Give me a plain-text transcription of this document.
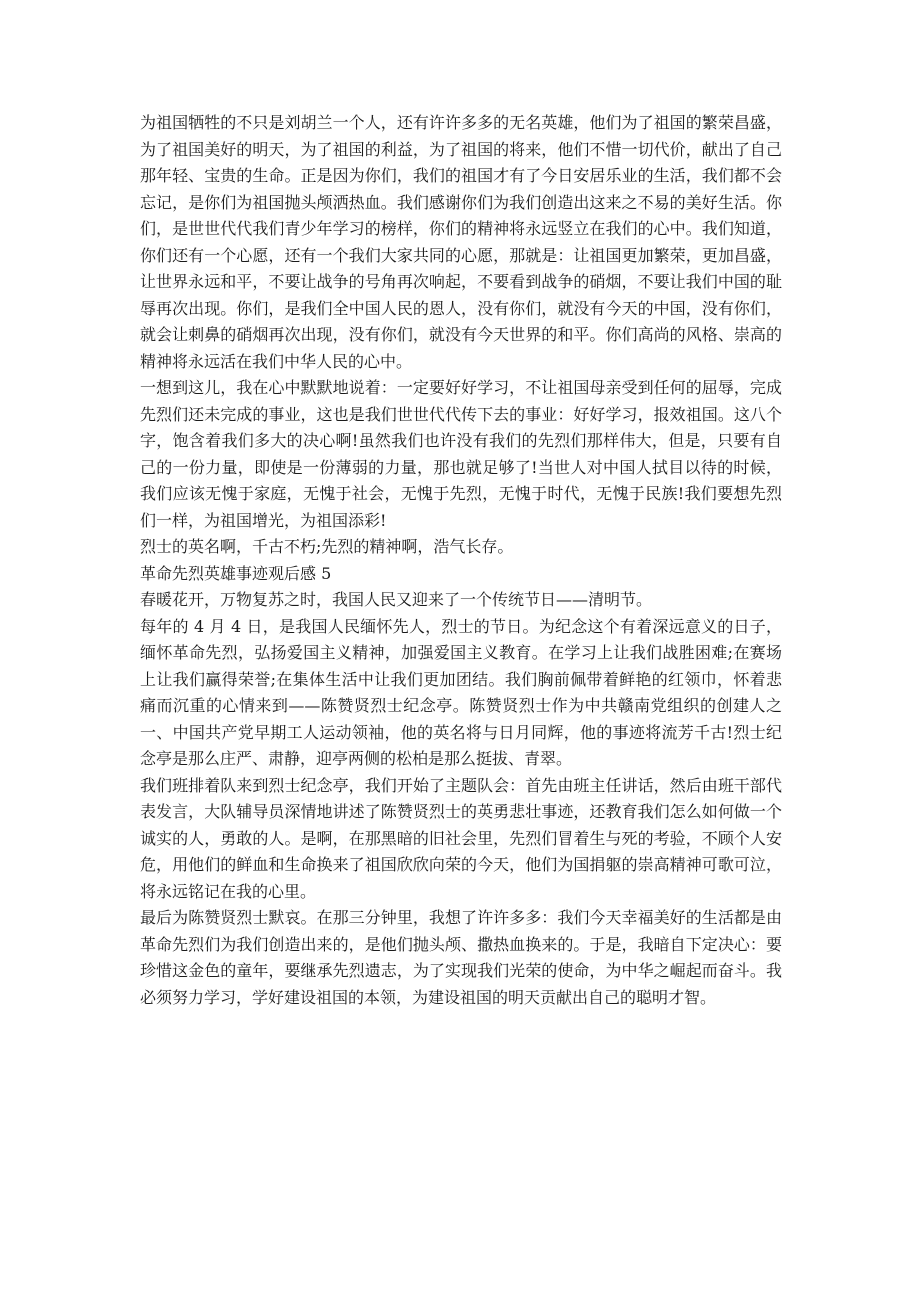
为祖国牺牲的不只是刘胡兰一个人，还有许许多多的无名英雄，他们为了祖国的繁荣昌盛，为了祖国美好的明天，为了祖国的利益，为了祖国的将来，他们不惜一切代价，献出了自己那年轻、宝贵的生命。正是因为你们，我们的祖国才有了今日安居乐业的生活，我们都不会忘记，是你们为祖国抛头颅洒热血。我们感谢你们为我们创造出这来之不易的美好生活。你们，是世世代代我们青少年学习的榜样，你们的精神将永远竖立在我们的心中。我们知道，你们还有一个心愿，还有一个我们大家共同的心愿，那就是：让祖国更加繁荣，更加昌盛，让世界永远和平，不要让战争的号角再次响起，不要看到战争的硝烟，不要让我们中国的耻辱再次出现。你们，是我们全中国人民的恩人，没有你们，就没有今天的中国，没有你们，就会让刺鼻的硝烟再次出现，没有你们，就没有今天世界的和平。你们高尚的风格、崇高的精神将永远活在我们中华人民的心中。

一想到这儿，我在心中默默地说着：一定要好好学习，不让祖国母亲受到任何的屈辱，完成先烈们还未完成的事业，这也是我们世世代代传下去的事业：好好学习，报效祖国。这八个字，饱含着我们多大的决心啊!虽然我们也许没有我们的先烈们那样伟大，但是，只要有自己的一份力量，即使是一份薄弱的力量，那也就足够了!当世人对中国人拭目以待的时候，我们应该无愧于家庭，无愧于社会，无愧于先烈，无愧于时代，无愧于民族!我们要想先烈们一样，为祖国增光，为祖国添彩!

烈士的英名啊，千古不朽;先烈的精神啊，浩气长存。

革命先烈英雄事迹观后感 5

春暖花开，万物复苏之时，我国人民又迎来了一个传统节日——清明节。

每年的 4 月 4 日，是我国人民缅怀先人，烈士的节日。为纪念这个有着深远意义的日子，缅怀革命先烈，弘扬爱国主义精神，加强爱国主义教育。在学习上让我们战胜困难;在赛场上让我们赢得荣誉;在集体生活中让我们更加团结。我们胸前佩带着鲜艳的红领巾，怀着悲痛而沉重的心情来到——陈赞贤烈士纪念亭。陈赞贤烈士作为中共赣南党组织的创建人之一、中国共产党早期工人运动领袖，他的英名将与日月同辉，他的事迹将流芳千古!烈士纪念亭是那么庄严、肃静，迎亭两侧的松柏是那么挺拔、青翠。

我们班排着队来到烈士纪念亭，我们开始了主题队会：首先由班主任讲话，然后由班干部代表发言，大队辅导员深情地讲述了陈赞贤烈士的英勇悲壮事迹，还教育我们怎么如何做一个诚实的人，勇敢的人。是啊，在那黑暗的旧社会里，先烈们冒着生与死的考验，不顾个人安危，用他们的鲜血和生命换来了祖国欣欣向荣的今天，他们为国捐躯的崇高精神可歌可泣，将永远铭记在我的心里。

最后为陈赞贤烈士默哀。在那三分钟里，我想了许许多多：我们今天幸福美好的生活都是由革命先烈们为我们创造出来的，是他们抛头颅、撒热血换来的。于是，我暗自下定决心：要珍惜这金色的童年，要继承先烈遗志，为了实现我们光荣的使命，为中华之崛起而奋斗。我必须努力学习，学好建设祖国的本领，为建设祖国的明天贡献出自己的聪明才智。
